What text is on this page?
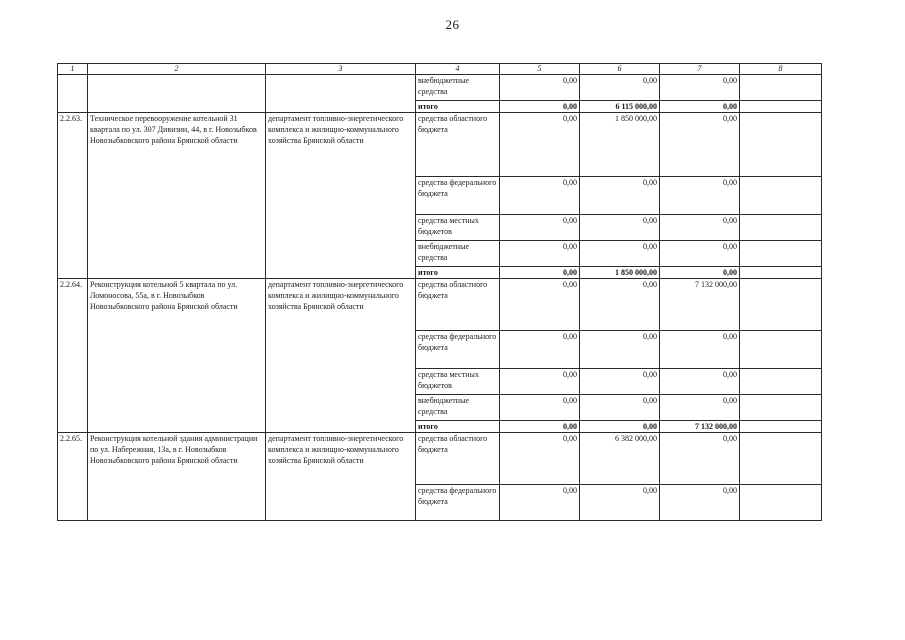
26
1	2	3	4	5	6	7	8
			внебюджетные средства	0,00	0,00	0,00	
			итого	0,00	6 115 000,00	0,00	
2.2.63.	Техническое перевооружение котельной 31 квартала по ул. 307 Дивизии, 44, в г. Новозыбков Новозыбковского района Брянской области	департамент топливно-энергетического комплекса и жилищно-коммунального хозяйства Брянской области	средства областного бюджета	0,00	1 850 000,00	0,00	
			средства федерального бюджета	0,00	0,00	0,00	
			средства местных бюджетов	0,00	0,00	0,00	
			внебюджетные средства	0,00	0,00	0,00	
			итого	0,00	1 850 000,00	0,00	
2.2.64.	Реконструкция котельной 5 квартала по ул. Ломоносова, 55а, в г. Новозыбков Новозыбковского района Брянской области	департамент топливно-энергетического комплекса и жилищно-коммунального хозяйства Брянской области	средства областного бюджета	0,00	0,00	7 132 000,00	
			средства федерального бюджета	0,00	0,00	0,00	
			средства местных бюджетов	0,00	0,00	0,00	
			внебюджетные средства	0,00	0,00	0,00	
			итого	0,00	0,00	7 132 000,00	
2.2.65.	Реконструкция котельной здания администрации по ул. Набережная, 13а, в г. Новозыбков Новозыбковского района Брянской области	департамент топливно-энергетического комплекса и жилищно-коммунального хозяйства Брянской области	средства областного бюджета	0,00	6 382 000,00	0,00	
			средства федерального бюджета	0,00	0,00	0,00	
